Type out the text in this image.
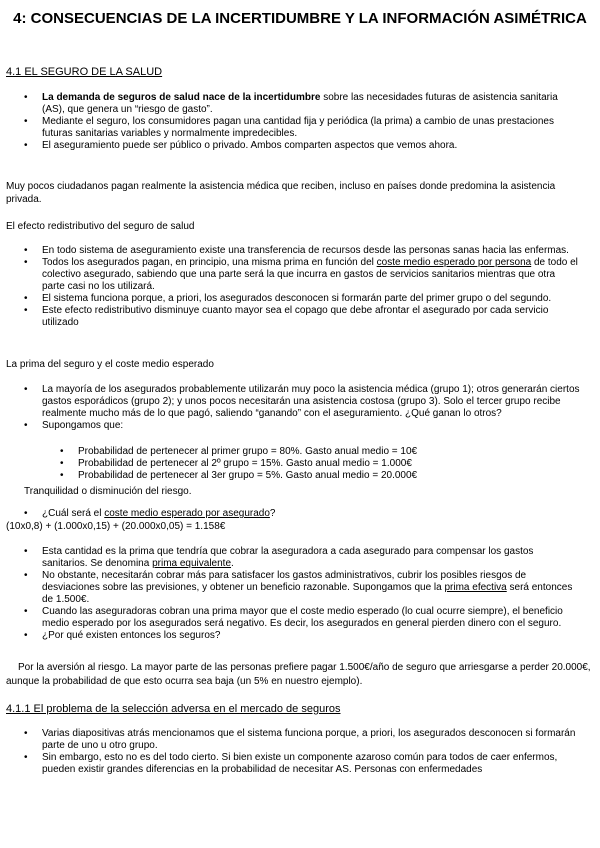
4: CONSECUENCIAS DE LA INCERTIDUMBRE Y LA INFORMACIÓN ASIMÉTRICA
4.1 EL SEGURO DE LA SALUD
• La demanda de seguros de salud nace de la incertidumbre sobre las necesidades futuras de asistencia sanitaria (AS), que genera un “riesgo de gasto”.
• Mediante el seguro, los consumidores pagan una cantidad fija y periódica (la prima) a cambio de unas prestaciones futuras sanitarias variables y normalmente impredecibles.
• El aseguramiento puede ser público o privado. Ambos comparten aspectos que vemos ahora.
Muy pocos ciudadanos pagan realmente la asistencia médica que reciben, incluso en países donde predomina la asistencia privada.
El efecto redistributivo del seguro de salud
• En todo sistema de aseguramiento existe una transferencia de recursos desde las personas sanas hacia las enfermas.
• Todos los asegurados pagan, en principio, una misma prima en función del coste medio esperado por persona de todo el colectivo asegurado, sabiendo que una parte será la que incurra en gastos de servicios sanitarios mientras que otra parte casi no los utilizará.
• El sistema funciona porque, a priori, los asegurados desconocen si formarán parte del primer grupo o del segundo.
• Este efecto redistributivo disminuye cuanto mayor sea el copago que debe afrontar el asegurado por cada servicio utilizado
La prima del seguro y el coste medio esperado
• La mayoría de los asegurados probablemente utilizarán muy poco la asistencia médica (grupo 1); otros generarán ciertos gastos esporádicos (grupo 2); y unos pocos necesitarán una asistencia costosa (grupo 3). Solo el tercer grupo recibe realmente mucho más de lo que pagó, saliendo “ganando” con el aseguramiento. ¿Qué ganan lo otros?
• Supongamos que:
• Probabilidad de pertenecer al primer grupo = 80%. Gasto anual medio = 10€
• Probabilidad de pertenecer al 2º grupo = 15%. Gasto anual medio = 1.000€
• Probabilidad de pertenecer al 3er grupo = 5%. Gasto anual medio = 20.000€
Tranquilidad o disminución del riesgo.
• ¿Cuál será el coste medio esperado por asegurado?
(10x0,8) + (1.000x0,15) + (20.000x0,05) = 1.158€
• Esta cantidad es la prima que tendría que cobrar la aseguradora a cada asegurado para compensar los gastos sanitarios. Se denomina prima equivalente.
• No obstante, necesitarán cobrar más para satisfacer los gastos administrativos, cubrir los posibles riesgos de desviaciones sobre las previsiones, y obtener un beneficio razonable. Supongamos que la prima efectiva será entonces de 1.500€.
• Cuando las aseguradoras cobran una prima mayor que el coste medio esperado (lo cual ocurre siempre), el beneficio medio esperado por los asegurados será negativo. Es decir, los asegurados en general pierden dinero con el seguro.
• ¿Por qué existen entonces los seguros?
Por la aversión al riesgo. La mayor parte de las personas prefiere pagar 1.500€/año de seguro que arriesgarse a perder 20.000€, aunque la probabilidad de que esto ocurra sea baja (un 5% en nuestro ejemplo).
4.1.1 El problema de la selección adversa en el mercado de seguros
• Varias diapositivas atrás mencionamos que el sistema funciona porque, a priori, los asegurados desconocen si formarán parte de uno u otro grupo.
• Sin embargo, esto no es del todo cierto. Si bien existe un componente azaroso común para todos de caer enfermos, pueden existir grandes diferencias en la probabilidad de necesitar AS. Personas con enfermedades
